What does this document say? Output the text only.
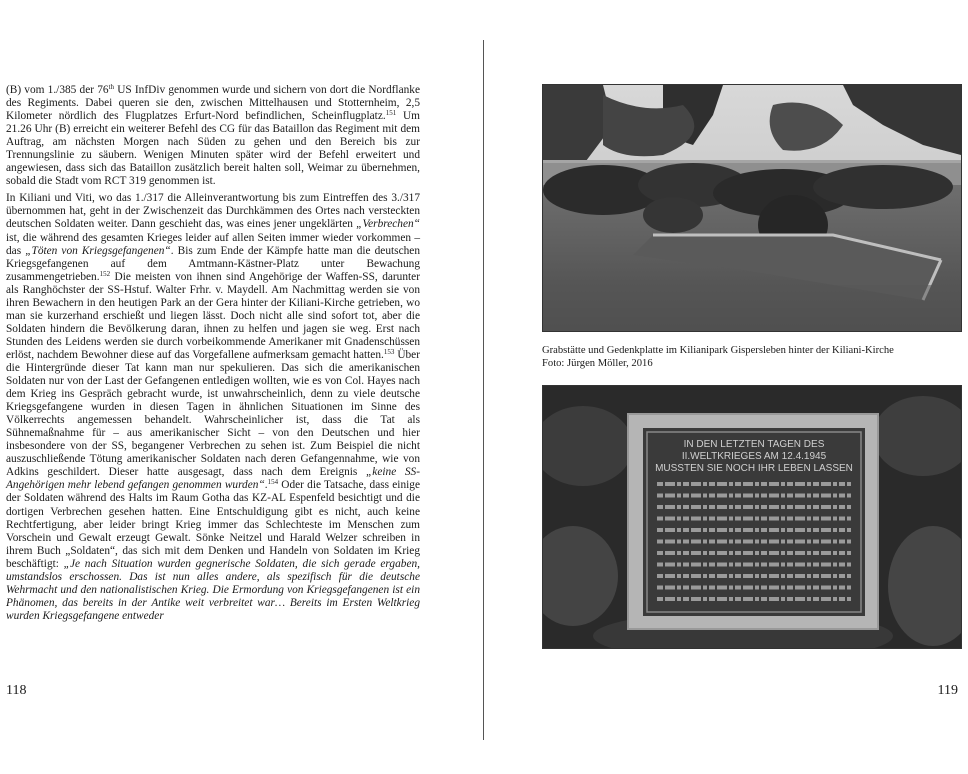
(B) vom 1./385 der 76th US InfDiv genommen wurde und sichern von dort die Nordflanke des Regiments. Dabei queren sie den, zwischen Mittelhausen und Stotternheim, 2,5 Kilometer nördlich des Flugplatzes Erfurt-Nord befindlichen, Scheinflugplatz.$^{151}$ Um 21.26 Uhr (B) erreicht ein weiterer Befehl des CG für das Bataillon das Regiment mit dem Auftrag, am nächsten Morgen nach Süden zu gehen und den Bereich bis zur Trennungslinie zu säubern. Wenigen Minuten später wird der Befehl erweitert und angewiesen, dass sich das Bataillon zusätzlich bereit halten soll, Weimar zu übernehmen, sobald die Stadt vom RCT 319 genommen ist.

In Kiliani und Viti, wo das 1./317 die Alleinverantwortung bis zum Eintreffen des 3./317 übernommen hat, geht in der Zwischenzeit das Durchkämmen des Ortes nach versteckten deutschen Soldaten weiter. Dann geschieht das, was eines jener ungeklärten „Verbrechen“ ist, die während des gesamten Krieges leider auf allen Seiten immer wieder vorkommen – das „Töten von Kriegsgefangenen“. Bis zum Ende der Kämpfe hatte man die deutschen Kriegsgefangenen auf dem Amtmann-Kästner-Platz unter Bewachung zusammengetrieben.$^{152}$ Die meisten von ihnen sind Angehörige der Waffen-SS, darunter als Ranghöchster der SS-Hstuf. Walter Frhr. v. Maydell. Am Nachmittag werden sie von ihren Bewachern in den heutigen Park an der Gera hinter der Kiliani-Kirche getrieben, wo man sie kurzerhand erschießt und liegen lässt. Doch nicht alle sind sofort tot, aber die Soldaten hindern die Bevölkerung daran, ihnen zu helfen und jagen sie weg. Erst nach Stunden des Leidens werden sie durch vorbeikommende Amerikaner mit Gnadenschüssen erlöst, nachdem Bewohner diese auf das Vorgefallene aufmerksam gemacht hatten.$^{153}$ Über die Hintergründe dieser Tat kann man nur spekulieren. Das sich die amerikanischen Soldaten nur von der Last der Gefangenen entledigen wollten, wie es von Col. Hayes nach dem Krieg ins Gespräch gebracht wurde, ist unwahrscheinlich, denn zu viele deutsche Kriegsgefangene wurden in diesen Tagen in ähnlichen Situationen im Sinne des Völkerrechts angemessen behandelt. Wahrscheinlicher ist, dass die Tat als Sühnemaßnahme für – aus amerikanischer Sicht – von den Deutschen und hier insbesondere von der SS, begangener Verbrechen zu sehen ist. Zum Beispiel die nicht auszuschließende Tötung amerikanischer Soldaten nach deren Gefangennahme, wie von Adkins geschildert. Dieser hatte ausgesagt, dass nach dem Ereignis „keine SS-Angehörigen mehr lebend gefangen genommen wurden“.$^{154}$ Oder die Tatsache, dass einige der Soldaten während des Halts im Raum Gotha das KZ-AL Espenfeld besichtigt und die dortigen Verbrechen gesehen hatten. Eine Entschuldigung gibt es nicht, auch keine Rechtfertigung, aber leider bringt Krieg immer das Schlechteste im Menschen zum Vorschein und Gewalt erzeugt Gewalt. Sönke Neitzel und Harald Welzer schreiben in ihrem Buch „Soldaten“, das sich mit dem Denken und Handeln von Soldaten im Krieg beschäftigt: „Je nach Situation wurden gegnerische Soldaten, die sich gerade ergaben, umstandslos erschossen. Das ist nun alles andere, als spezifisch für die deutsche Wehrmacht und den nationalistischen Krieg. Die Ermordung von Kriegsgefangenen ist ein Phänomen, das bereits in der Antike weit verbreitet war… Bereits im Ersten Weltkrieg wurden Kriegsgefangene entweder

118
Grabstätte und Gedenkplatte im Kilianipark Gispersleben hinter der Kiliani-Kirche
Foto: Jürgen Möller, 2016
IN DEN LETZTEN TAGEN DES
II.WELTKRIEGES AM 12.4.1945
MUSSTEN SIE NOCH IHR LEBEN LASSEN
119
